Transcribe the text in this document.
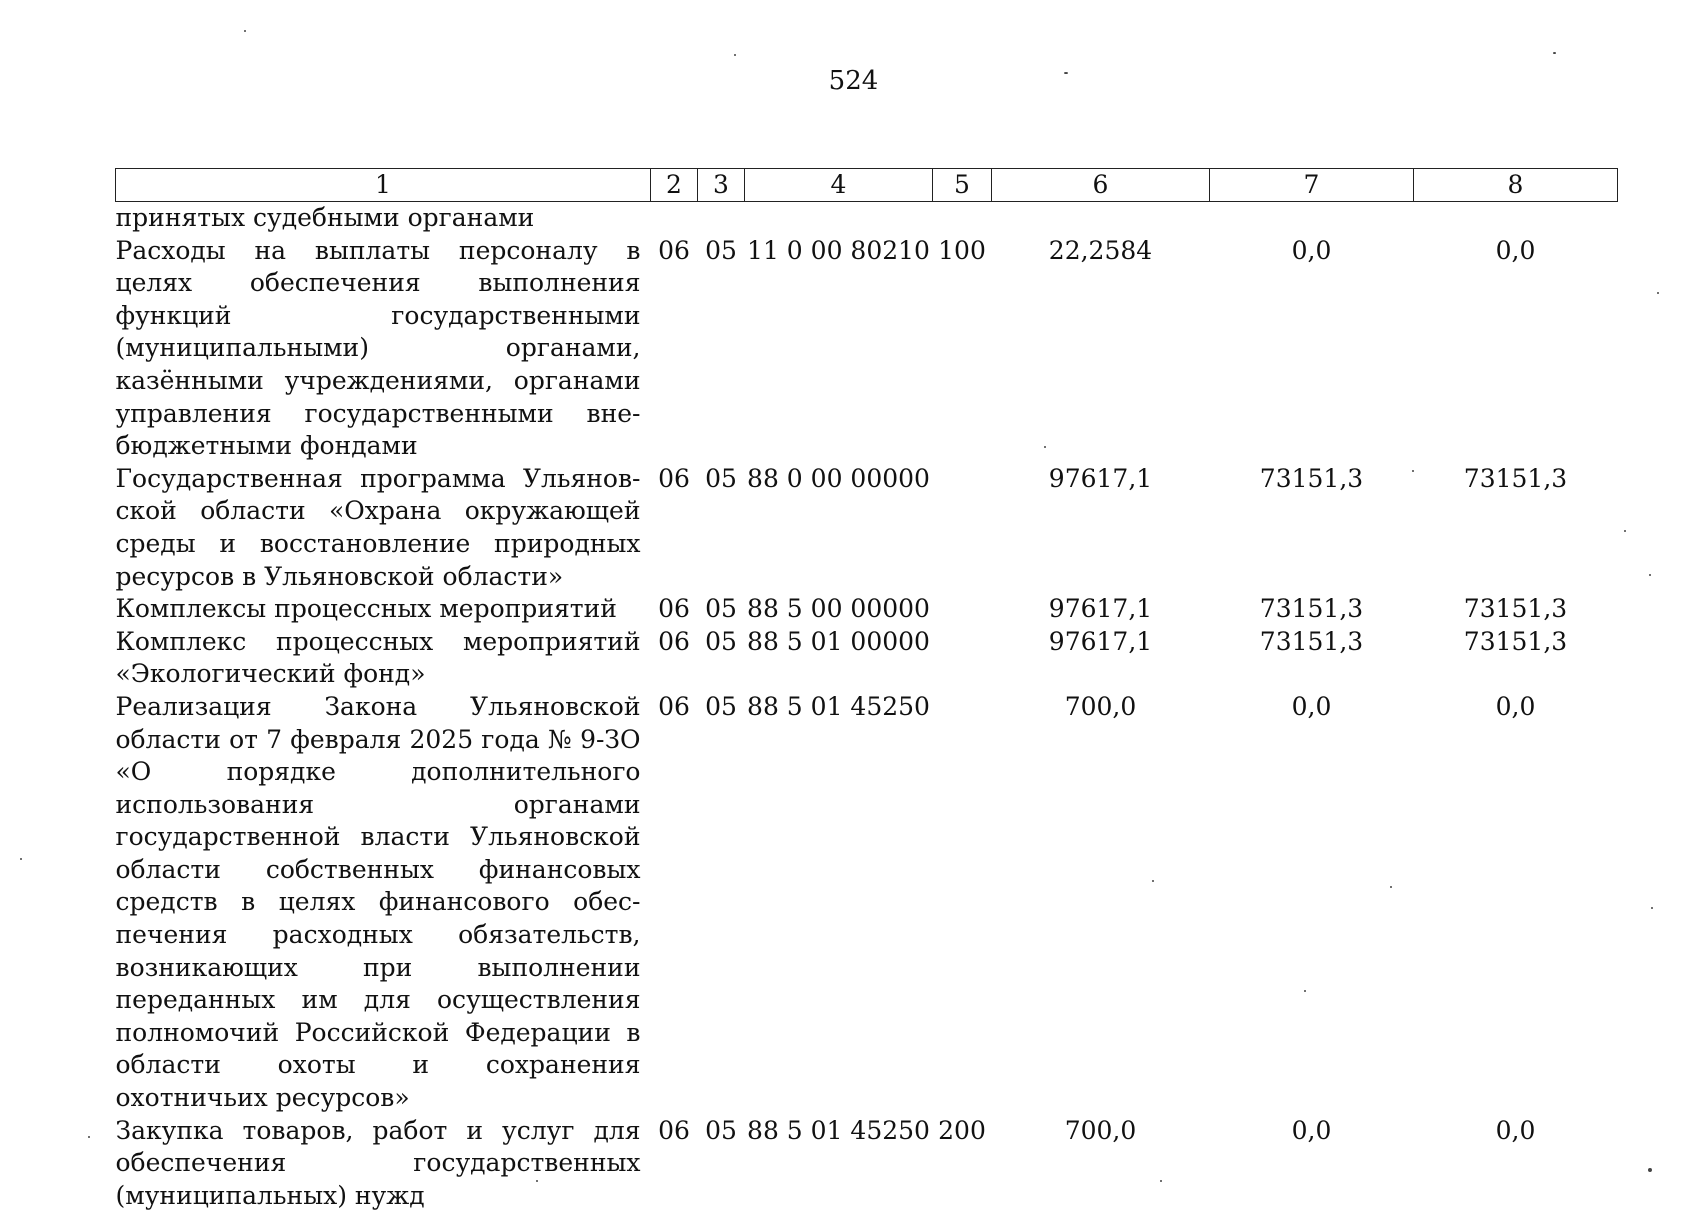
524
1	2	3	4	5	6	7	8
принятых судебными органами							
Расходы на выплаты персоналу в целях обеспечения выполнения функций государственными (муниципальными) органами, казёнными учреждениями, органами управления государственными внебюджетными фондами	06	05	11 0 00 80210	100	22,2584	0,0	0,0
Государственная программа Ульяновской области «Охрана окружающей среды и восстановление природных ресурсов в Ульяновской области»	06	05	88 0 00 00000		97617,1	73151,3	73151,3
Комплексы процессных мероприятий	06	05	88 5 00 00000		97617,1	73151,3	73151,3
Комплекс процессных мероприятий «Экологический фонд»	06	05	88 5 01 00000		97617,1	73151,3	73151,3
Реализация Закона Ульяновской области от 7 февраля 2025 года № 9-ЗО «О порядке дополнительного использования органами государственной власти Ульяновской области собственных финансовых средств в целях финансового обеспечения расходных обязательств, возникающих при выполнении переданных им для осуществления полномочий Российской Федерации в области охоты и сохранения охотничьих ресурсов»	06	05	88 5 01 45250		700,0	0,0	0,0
Закупка товаров, работ и услуг для обеспечения государственных (муниципальных) нужд	06	05	88 5 01 45250	200	700,0	0,0	0,0
